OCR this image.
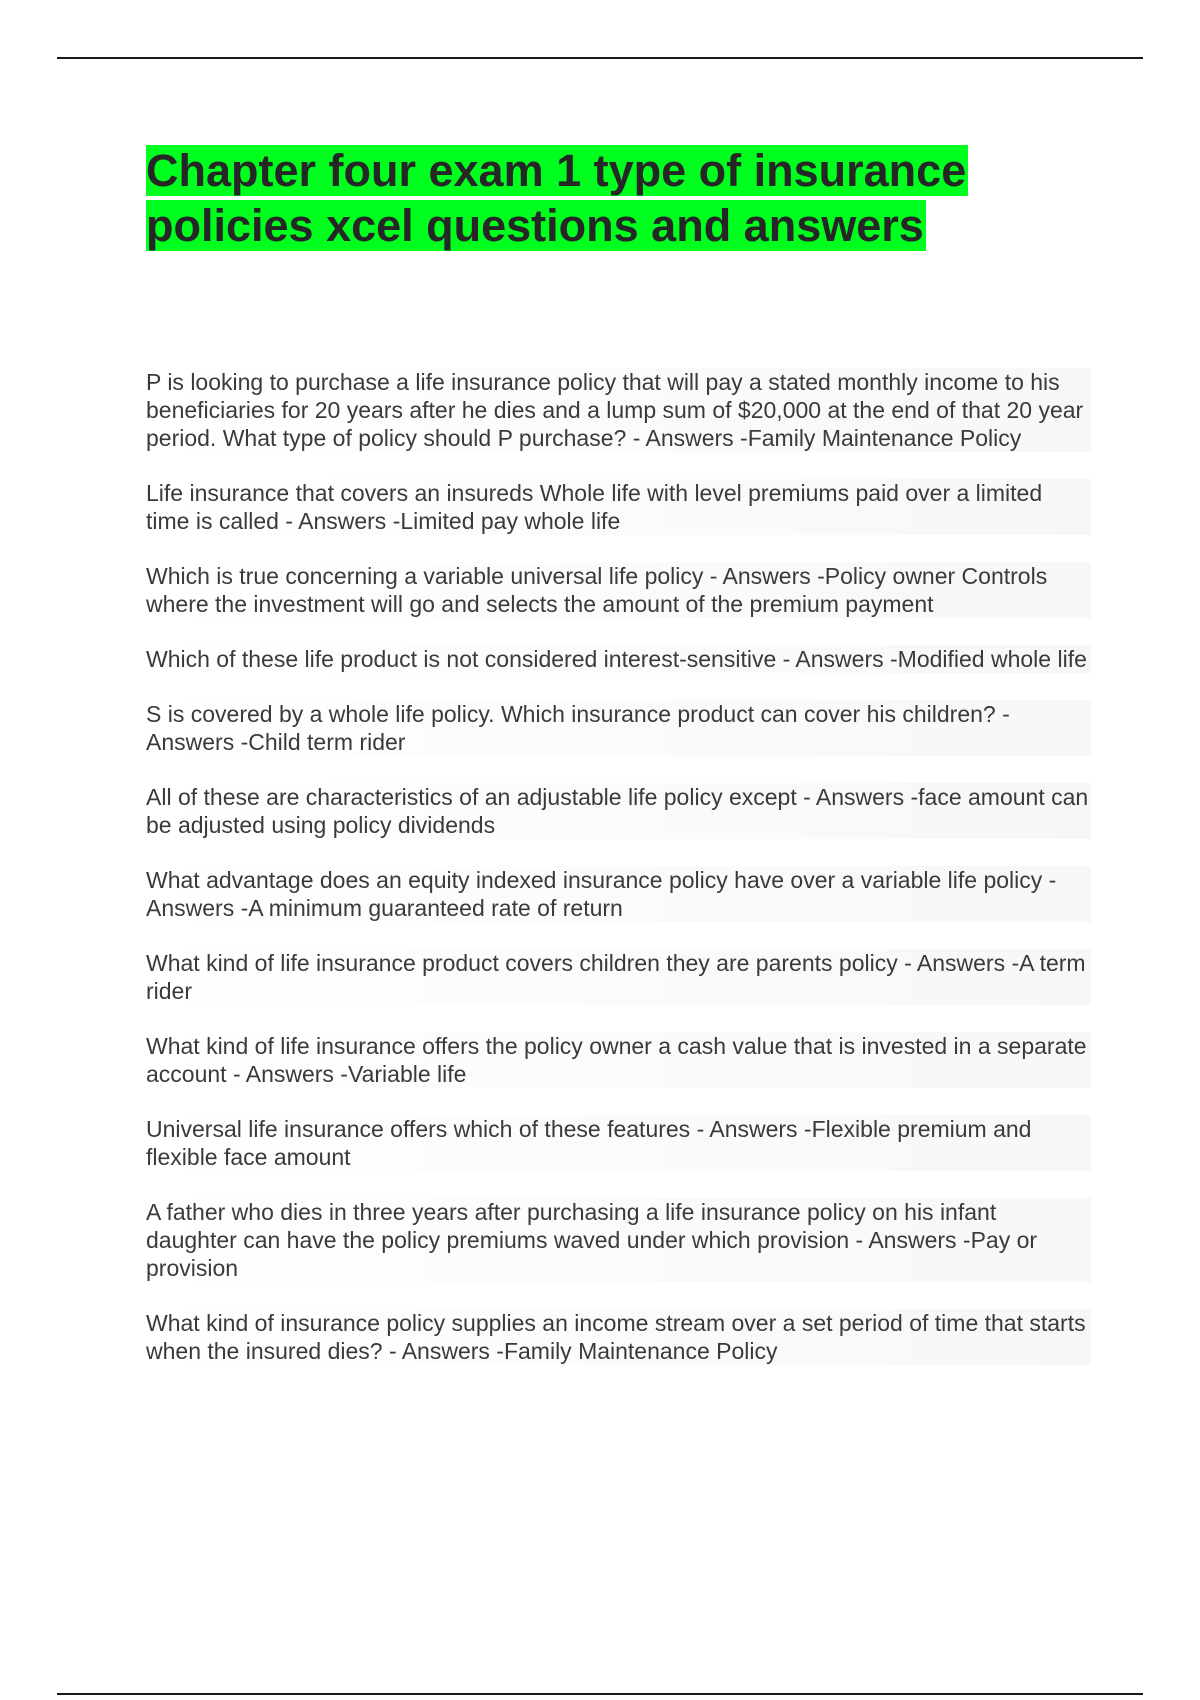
Chapter four exam 1 type of insurance policies xcel questions and answers
P is looking to purchase a life insurance policy that will pay a stated monthly income to his beneficiaries for 20 years after he dies and a lump sum of $20,000 at the end of that 20 year period. What type of policy should P purchase? - Answers -Family Maintenance Policy
Life insurance that covers an insureds Whole life with level premiums paid over a limited time is called - Answers -Limited pay whole life
Which is true concerning a variable universal life policy - Answers -Policy owner Controls where the investment will go and selects the amount of the premium payment
Which of these life product is not considered interest-sensitive - Answers -Modified whole life
S is covered by a whole life policy. Which insurance product can cover his children? - Answers -Child term rider
All of these are characteristics of an adjustable life policy except - Answers -face amount can be adjusted using policy dividends
What advantage does an equity indexed insurance policy have over a variable life policy - Answers -A minimum guaranteed rate of return
What kind of life insurance product covers children they are parents policy - Answers -A term rider
What kind of life insurance offers the policy owner a cash value that is invested in a separate account - Answers -Variable life
Universal life insurance offers which of these features - Answers -Flexible premium and flexible face amount
A father who dies in three years after purchasing a life insurance policy on his infant daughter can have the policy premiums waved under which provision - Answers -Pay or provision
What kind of insurance policy supplies an income stream over a set period of time that starts when the insured dies? - Answers -Family Maintenance Policy
